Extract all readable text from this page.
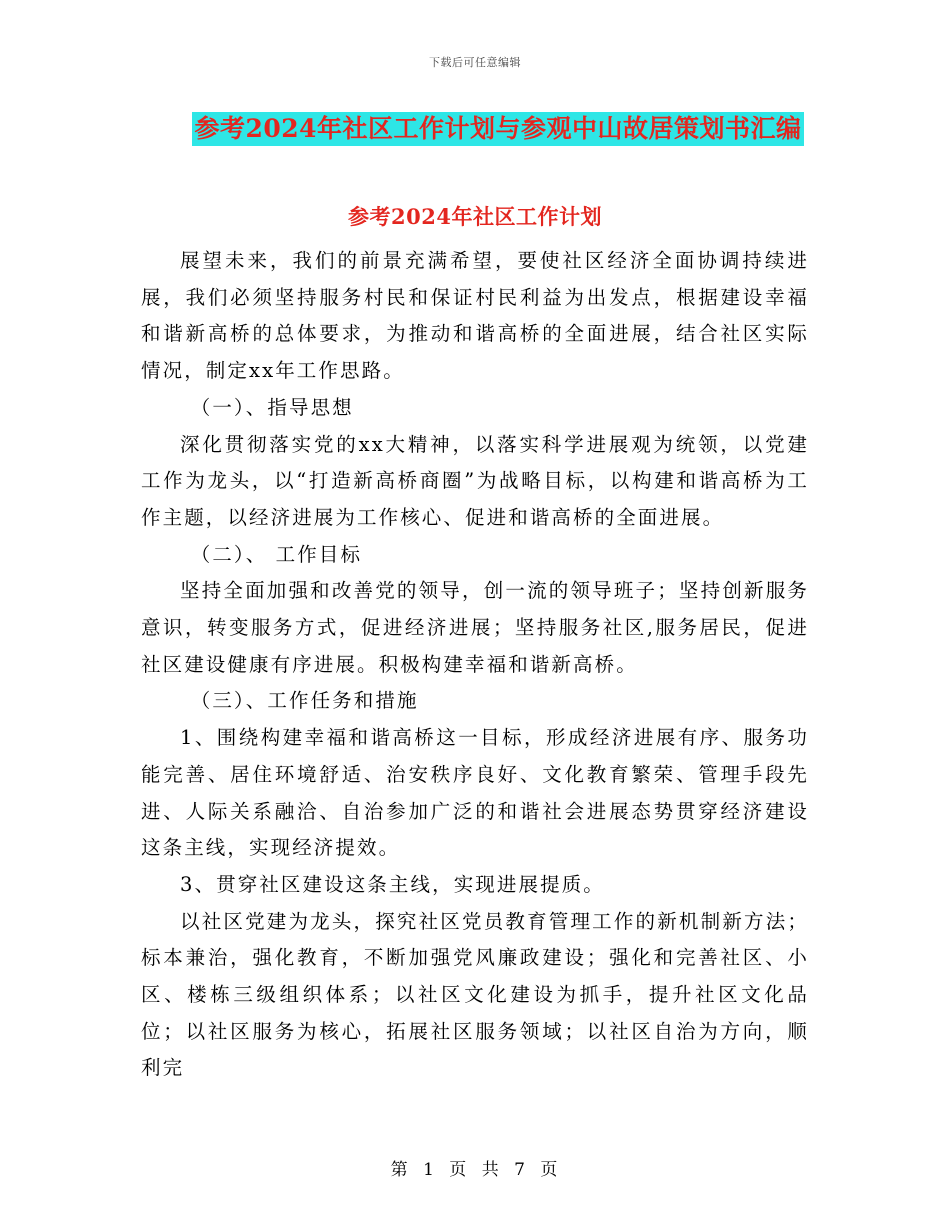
下载后可任意编辑
参考2024年社区工作计划与参观中山故居策划书汇编
参考2024年社区工作计划

展望未来，我们的前景充满希望，要使社区经济全面协调持续进展，我们必须坚持服务村民和保证村民利益为出发点，根据建设幸福和谐新高桥的总体要求，为推动和谐高桥的全面进展，结合社区实际情况，制定xx年工作思路。

（一）、指导思想

深化贯彻落实党的xx大精神，以落实科学进展观为统领，以党建工作为龙头，以“打造新高桥商圈”为战略目标，以构建和谐高桥为工作主题，以经济进展为工作核心、促进和谐高桥的全面进展。

（二）、 工作目标

坚持全面加强和改善党的领导，创一流的领导班子；坚持创新服务意识，转变服务方式，促进经济进展；坚持服务社区,服务居民，促进社区建设健康有序进展。积极构建幸福和谐新高桥。

（三）、工作任务和措施

1、围绕构建幸福和谐高桥这一目标，形成经济进展有序、服务功能完善、居住环境舒适、治安秩序良好、文化教育繁荣、管理手段先进、人际关系融洽、自治参加广泛的和谐社会进展态势贯穿经济建设这条主线，实现经济提效。

3、贯穿社区建设这条主线，实现进展提质。

以社区党建为龙头，探究社区党员教育管理工作的新机制新方法；标本兼治，强化教育，不断加强党风廉政建设；强化和完善社区、小区、楼栋三级组织体系；以社区文化建设为抓手，提升社区文化品位；以社区服务为核心，拓展社区服务领域；以社区自治为方向，顺利完

第 1 页 共 7 页
